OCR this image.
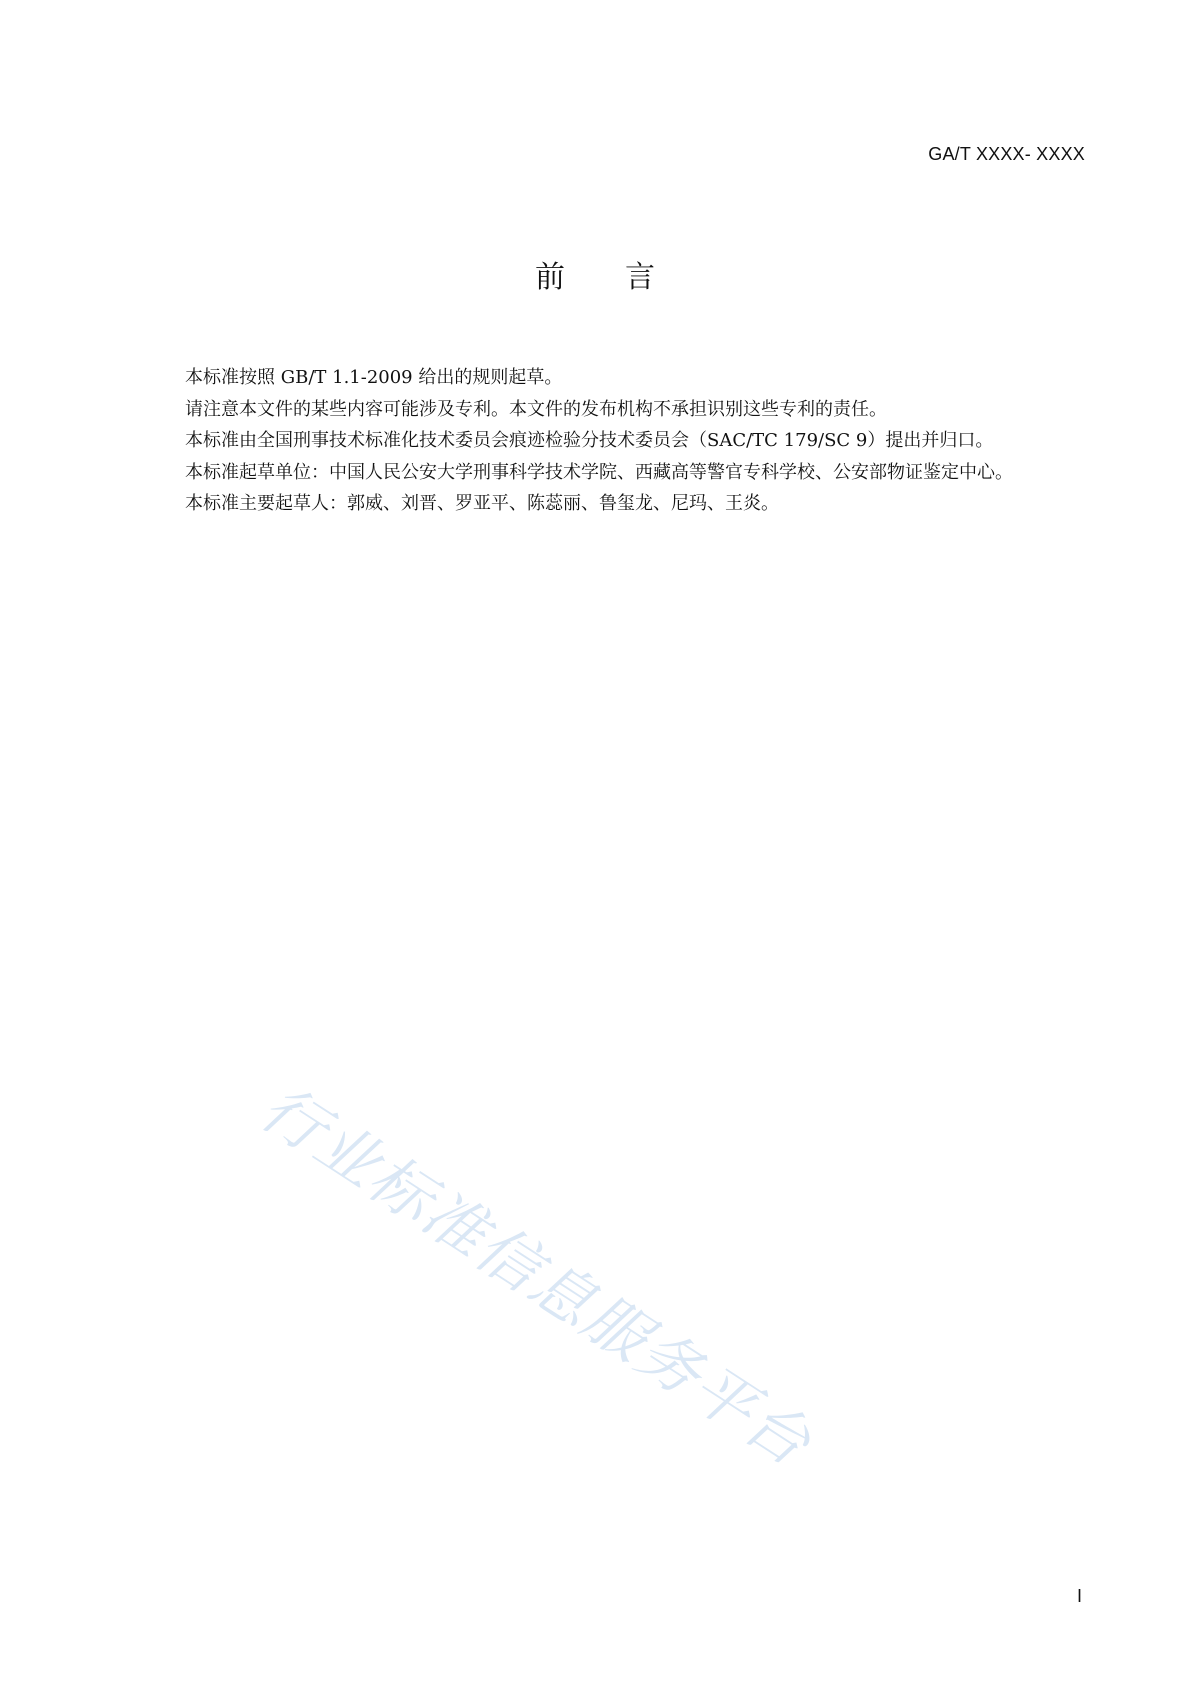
GA/T XXXX- XXXX
前言

本标准按照 GB/T 1.1-2009 给出的规则起草。

请注意本文件的某些内容可能涉及专利。本文件的发布机构不承担识别这些专利的责任。

本标准由全国刑事技术标准化技术委员会痕迹检验分技术委员会（SAC/TC 179/SC 9）提出并归口。

本标准起草单位：中国人民公安大学刑事科学技术学院、西藏高等警官专科学校、公安部物证鉴定中心。

本标准主要起草人：郭威、刘晋、罗亚平、陈蕊丽、鲁玺龙、尼玛、王炎。

行业标准信息服务平台
I
